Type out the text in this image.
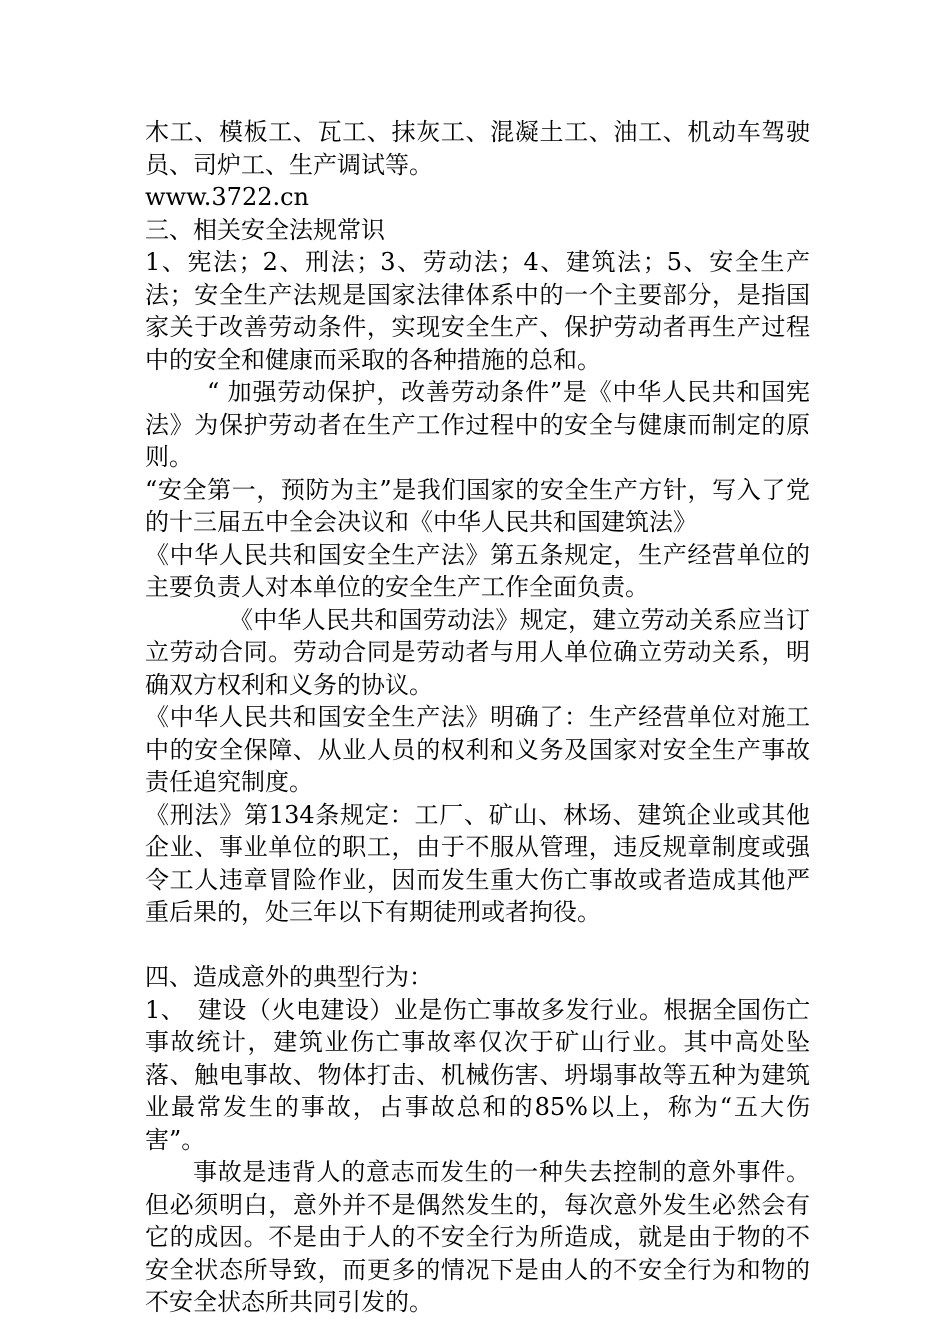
木工、模板工、瓦工、抹灰工、混凝土工、油工、机动车驾驶员、司炉工、生产调试等。

www.3722.cn

三、相关安全法规常识

1、宪法；2、刑法；3、劳动法；4、建筑法；5、安全生产法；安全生产法规是国家法律体系中的一个主要部分，是指国家关于改善劳动条件，实现安全生产、保护劳动者再生产过程中的安全和健康而采取的各种措施的总和。

“ 加强劳动保护，改善劳动条件”是《中华人民共和国宪法》为保护劳动者在生产工作过程中的安全与健康而制定的原则。

“安全第一，预防为主”是我们国家的安全生产方针，写入了党的十三届五中全会决议和《中华人民共和国建筑法》

《中华人民共和国安全生产法》第五条规定，生产经营单位的主要负责人对本单位的安全生产工作全面负责。

《中华人民共和国劳动法》规定，建立劳动关系应当订立劳动合同。劳动合同是劳动者与用人单位确立劳动关系，明确双方权利和义务的协议。

《中华人民共和国安全生产法》明确了：生产经营单位对施工中的安全保障、从业人员的权利和义务及国家对安全生产事故责任追究制度。

《刑法》第134条规定：工厂、矿山、林场、建筑企业或其他企业、事业单位的职工，由于不服从管理，违反规章制度或强令工人违章冒险作业，因而发生重大伤亡事故或者造成其他严重后果的，处三年以下有期徒刑或者拘役。

四、造成意外的典型行为：

1、　建设（火电建设）业是伤亡事故多发行业。根据全国伤亡事故统计，建筑业伤亡事故率仅次于矿山行业。其中高处坠落、触电事故、物体打击、机械伤害、坍塌事故等五种为建筑业最常发生的事故，占事故总和的85%以上，称为“五大伤害”。

事故是违背人的意志而发生的一种失去控制的意外事件。但必须明白，意外并不是偶然发生的，每次意外发生必然会有它的成因。不是由于人的不安全行为所造成，就是由于物的不安全状态所导致，而更多的情况下是由人的不安全行为和物的不安全状态所共同引发的。
